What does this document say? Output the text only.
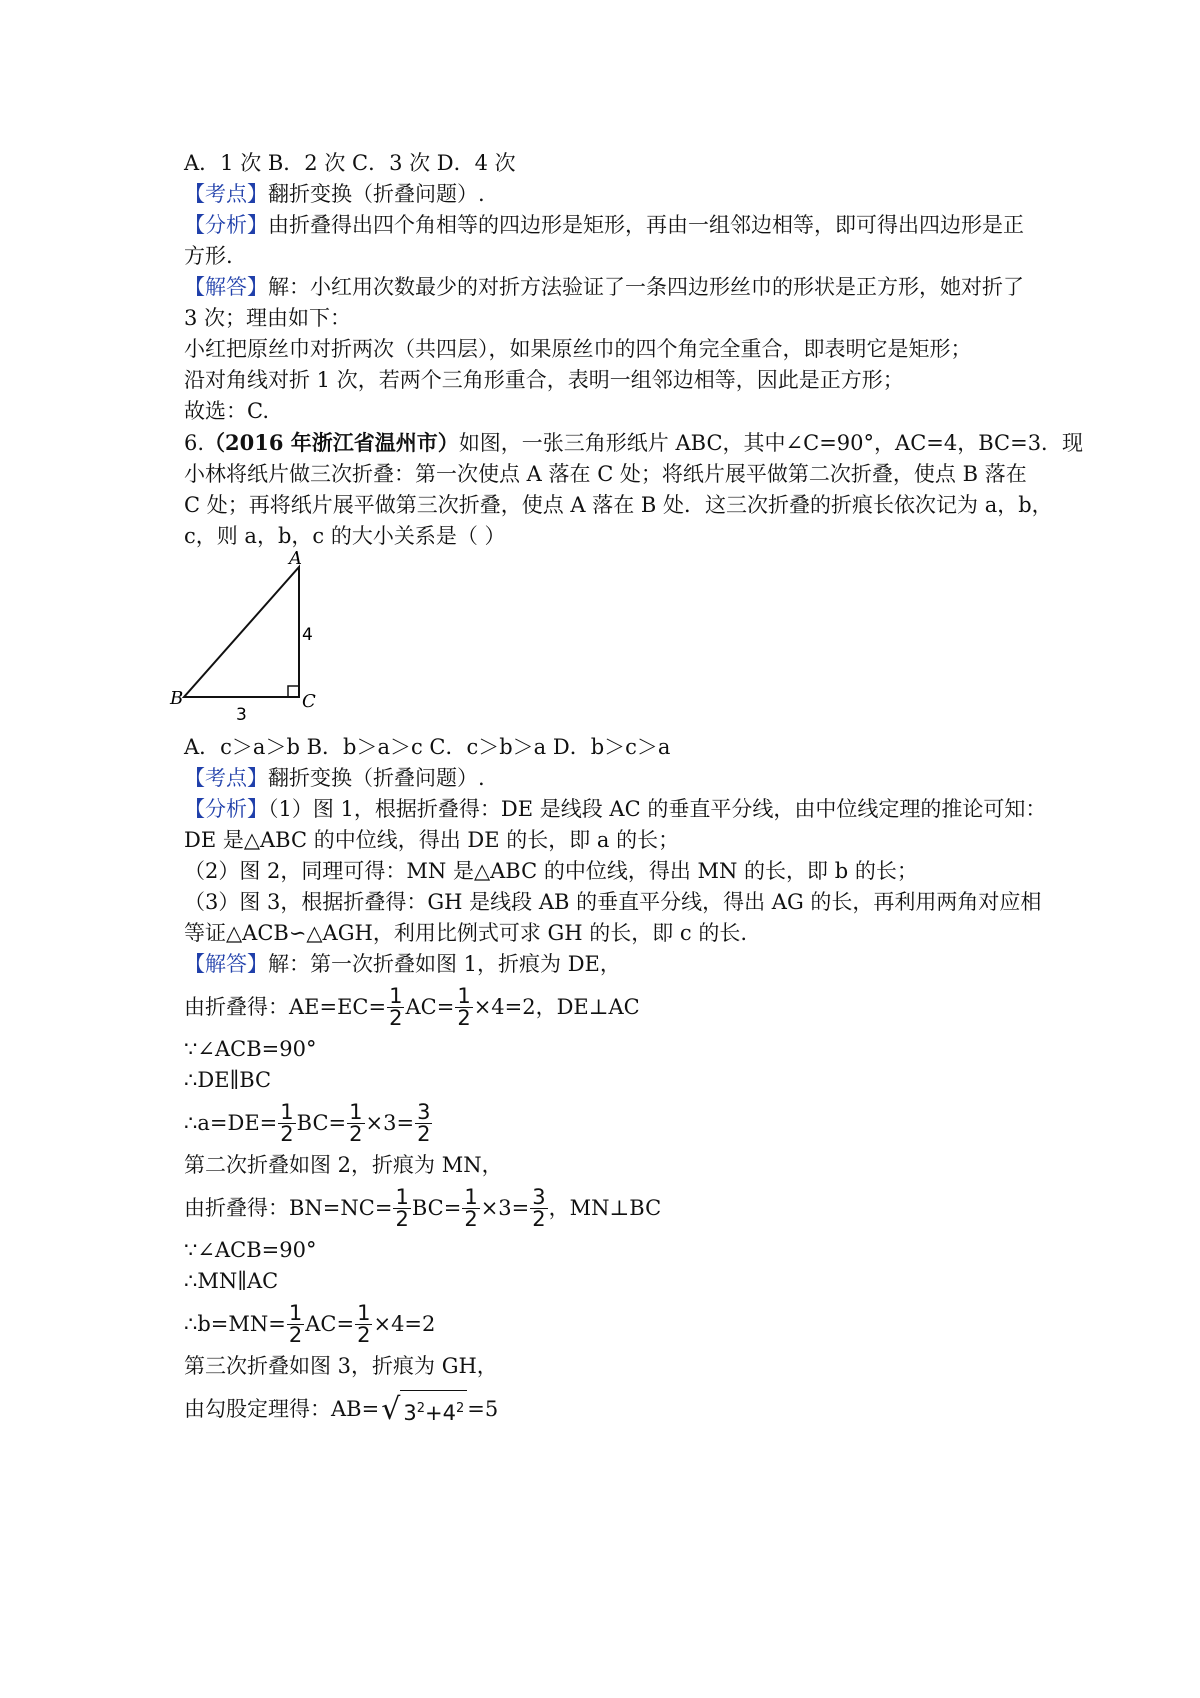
A．1 次 B．2 次 C．3 次 D．4 次
【考点】翻折变换（折叠问题）.
【分析】由折叠得出四个角相等的四边形是矩形，再由一组邻边相等，即可得出四边形是正
方形.
【解答】解：小红用次数最少的对折方法验证了一条四边形丝巾的形状是正方形，她对折了
3 次；理由如下：
小红把原丝巾对折两次（共四层），如果原丝巾的四个角完全重合，即表明它是矩形；
沿对角线对折 1 次，若两个三角形重合，表明一组邻边相等，因此是正方形；
故选：C.
6.（2016 年浙江省温州市）如图，一张三角形纸片 ABC，其中∠C=90°，AC=4，BC=3．现
小林将纸片做三次折叠：第一次使点 A 落在 C 处；将纸片展平做第二次折叠，使点 B 落在
C 处；再将纸片展平做第三次折叠，使点 A 落在 B 处．这三次折叠的折痕长依次记为 a，b，
c，则 a，b，c 的大小关系是（ ）
A
B	C
4
3
A．c＞a＞b B．b＞a＞c C．c＞b＞a D．b＞c＞a
【考点】翻折变换（折叠问题）.
【分析】（1）图 1，根据折叠得：DE 是线段 AC 的垂直平分线，由中位线定理的推论可知：
DE 是△ABC 的中位线，得出 DE 的长，即 a 的长；
（2）图 2，同理可得：MN 是△ABC 的中位线，得出 MN 的长，即 b 的长；
（3）图 3，根据折叠得：GH 是线段 AB 的垂直平分线，得出 AG 的长，再利用两角对应相
等证△ACB∽△AGH，利用比例式可求 GH 的长，即 c 的长.
【解答】解：第一次折叠如图 1，折痕为 DE，
由折叠得：$AE=EC= \frac{1}{2} AC= \frac{1}{2} \times 4=2$，DE⊥AC
∵∠ACB=90°
∴DE∥BC
∴a=DE= $\frac{1}{2} BC= \frac{1}{2} \times 3= \frac{3}{2}$
第二次折叠如图 2，折痕为 MN，
由折叠得：$BN=NC= \frac{1}{2} BC= \frac{1}{2} \times 3= \frac{3}{2}$ ，MN⊥BC
∵∠ACB=90°
∴MN∥AC
∴b=MN= $\frac{1}{2} AC= \frac{1}{2} \times 4=2$
第三次折叠如图 3，折痕为 GH，
由勾股定理得：AB= √ $3^2+4^2 =5$
